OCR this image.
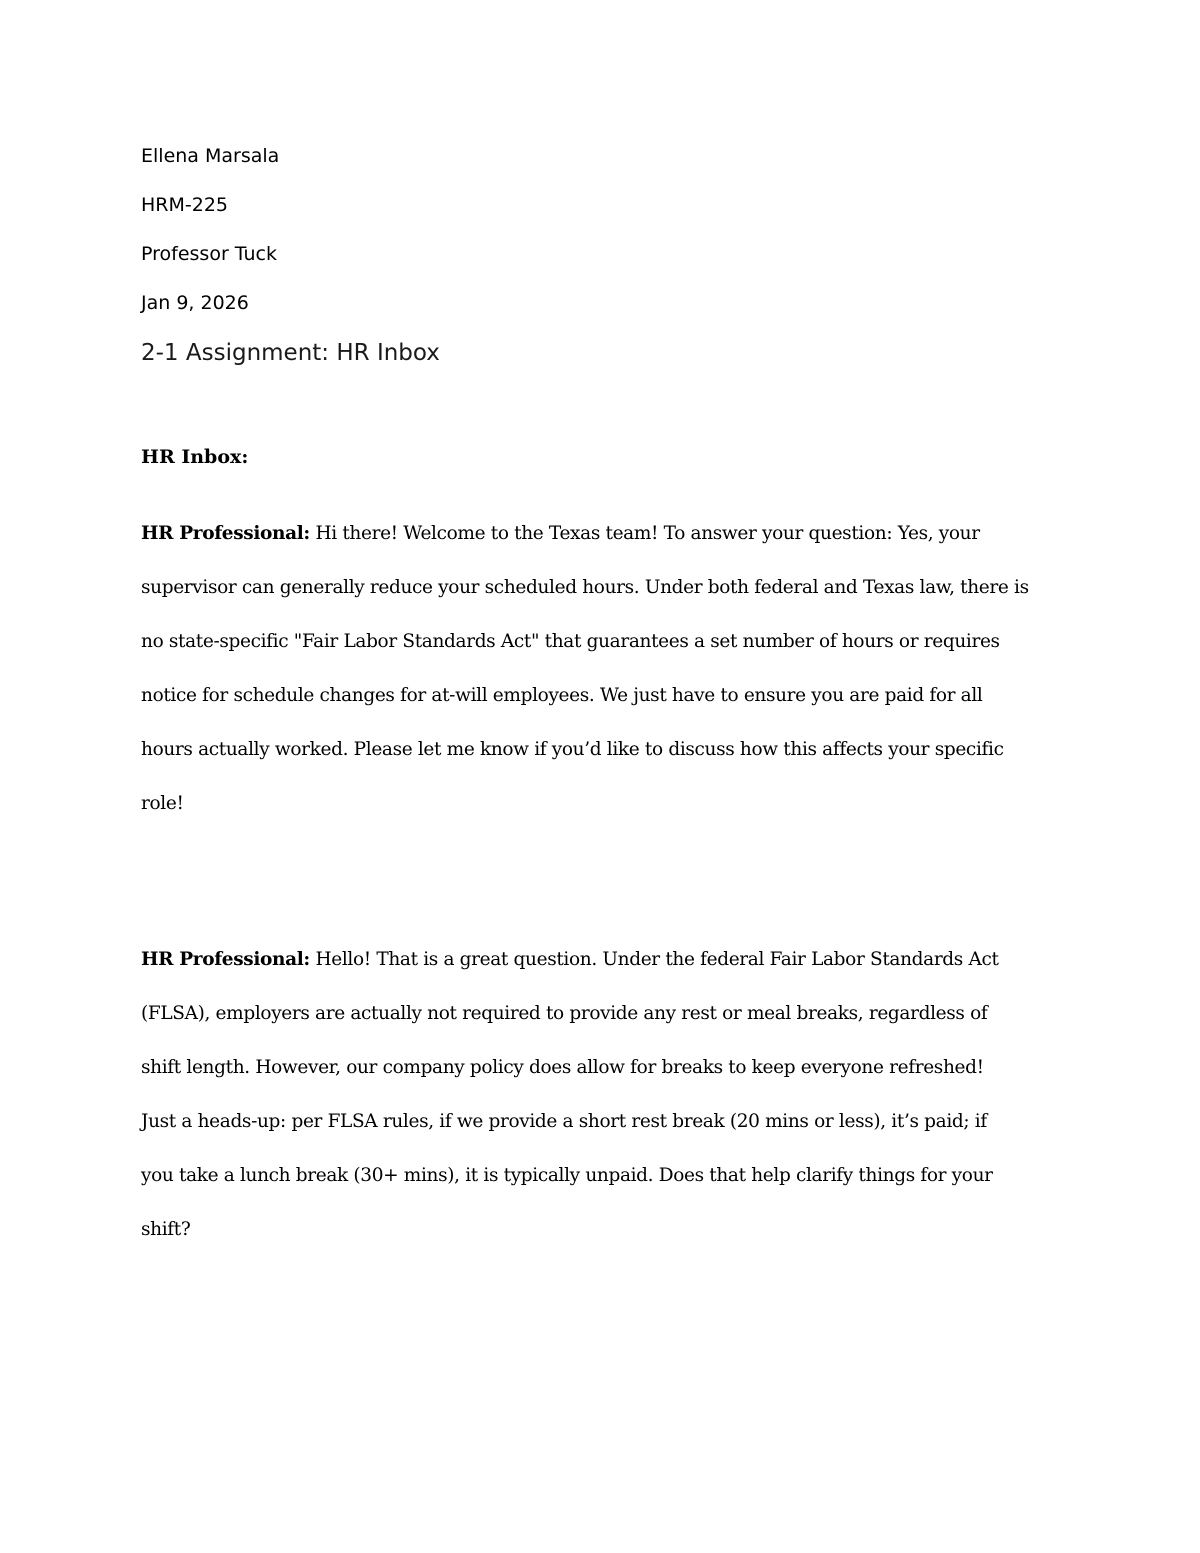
Ellena Marsala
HRM-225
Professor Tuck
Jan 9, 2026
2-1 Assignment: HR Inbox
HR Inbox:
HR Professional: Hi there! Welcome to the Texas team! To answer your question: Yes, your
supervisor can generally reduce your scheduled hours. Under both federal and Texas law, there is
no state-specific "Fair Labor Standards Act" that guarantees a set number of hours or requires
notice for schedule changes for at-will employees. We just have to ensure you are paid for all
hours actually worked. Please let me know if you’d like to discuss how this affects your specific
role!
HR Professional: Hello! That is a great question. Under the federal Fair Labor Standards Act
(FLSA), employers are actually not required to provide any rest or meal breaks, regardless of
shift length. However, our company policy does allow for breaks to keep everyone refreshed!
Just a heads-up: per FLSA rules, if we provide a short rest break (20 mins or less), it’s paid; if
you take a lunch break (30+ mins), it is typically unpaid. Does that help clarify things for your
shift?
